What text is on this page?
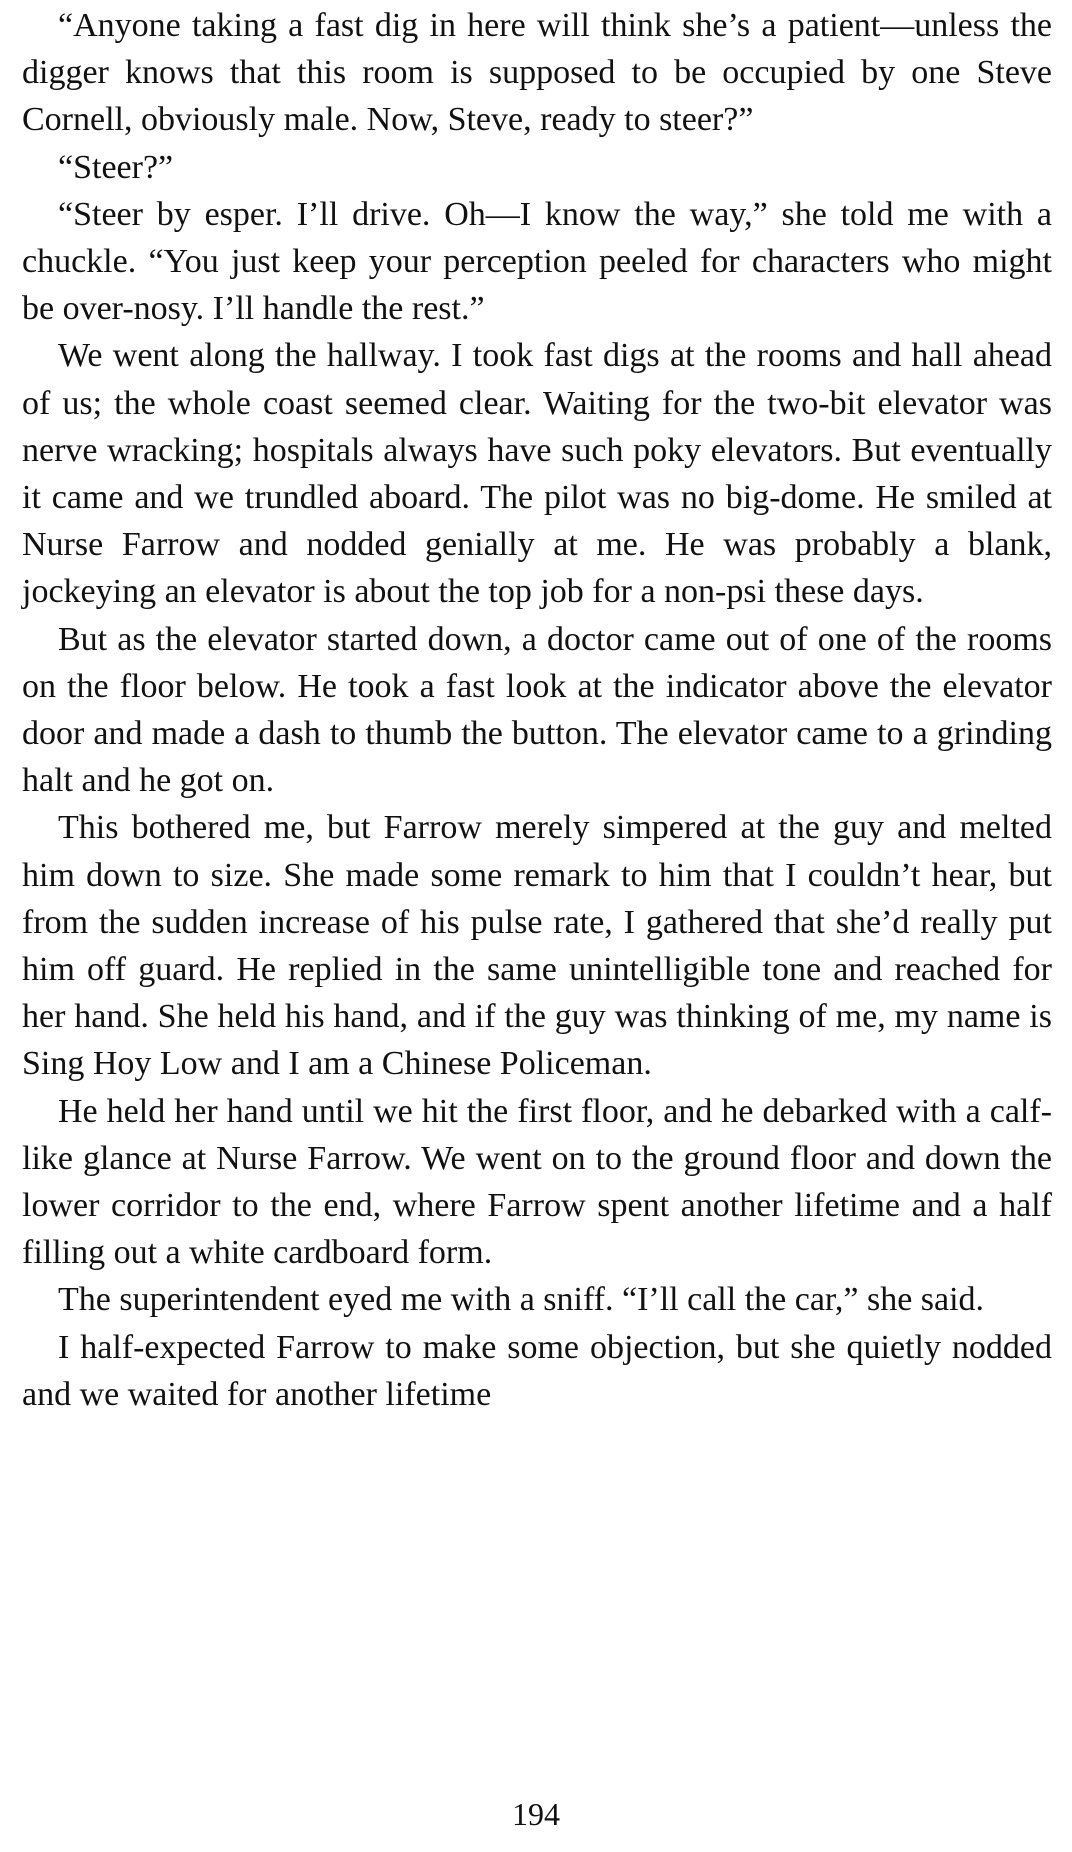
“Anyone taking a fast dig in here will think she’s a patient—unless the digger knows that this room is supposed to be occupied by one Steve Cornell, obviously male. Now, Steve, ready to steer?”

“Steer?”

“Steer by esper. I’ll drive. Oh—I know the way,” she told me with a chuckle. “You just keep your perception peeled for characters who might be over-nosy. I’ll handle the rest.”

We went along the hallway. I took fast digs at the rooms and hall ahead of us; the whole coast seemed clear. Waiting for the two-bit elevator was nerve wracking; hospitals always have such poky elevators. But eventually it came and we trundled aboard. The pilot was no big-dome. He smiled at Nurse Farrow and nodded genially at me. He was probably a blank, jockeying an elevator is about the top job for a non-psi these days.

But as the elevator started down, a doctor came out of one of the rooms on the floor below. He took a fast look at the indicator above the elevator door and made a dash to thumb the button. The elevator came to a grinding halt and he got on.

This bothered me, but Farrow merely simpered at the guy and melted him down to size. She made some remark to him that I couldn’t hear, but from the sudden increase of his pulse rate, I gathered that she’d really put him off guard. He replied in the same unintelligible tone and reached for her hand. She held his hand, and if the guy was thinking of me, my name is Sing Hoy Low and I am a Chinese Policeman.

He held her hand until we hit the first floor, and he debarked with a calf-like glance at Nurse Farrow. We went on to the ground floor and down the lower corridor to the end, where Farrow spent another lifetime and a half filling out a white cardboard form.

The superintendent eyed me with a sniff. “I’ll call the car,” she said.

I half-expected Farrow to make some objection, but she quietly nodded and we waited for another lifetime

194
